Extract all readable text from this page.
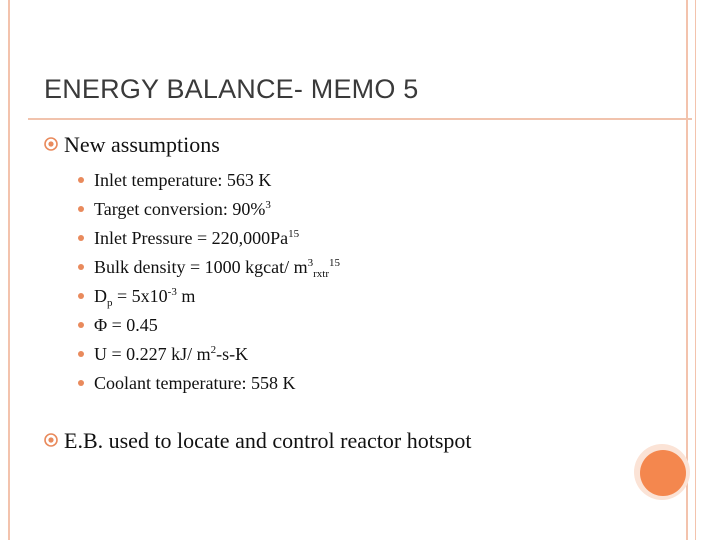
ENERGY BALANCE- MEMO 5
New assumptions
Inlet temperature: 563 K
Target conversion: 90%$^3$
Inlet Pressure = $220,000Pa^{15}$
Bulk density = 1000 kgcat/ $m^3_{rxtr}^{15}$
$D_p = 5x10^{-3}$ m
Φ = 0.45
U = 0.227 kJ/ $m^2-s-K$
Coolant temperature: 558 K
E.B. used to locate and control reactor hotspot
